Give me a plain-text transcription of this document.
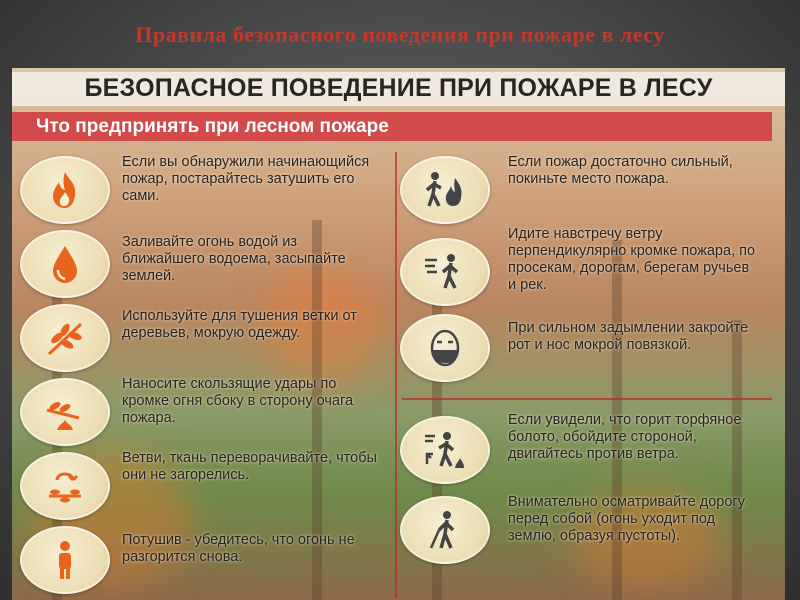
Правила безопасного поведения при пожаре в лесу
БЕЗОПАСНОЕ ПОВЕДЕНИЕ ПРИ ПОЖАРЕ В ЛЕСУ
Что предпринять при лесном пожаре
Если вы обнаружили начинающийся пожар, постарайтесь затушить его сами.
Заливайте огонь водой из ближайшего водоема, засыпайте землей.
Используйте для тушения ветки от деревьев, мокрую одежду.
Наносите скользящие удары по кромке огня сбоку в сторону очага пожара.
Ветви, ткань переворачивайте, чтобы они не загорелись.
Потушив - убедитесь, что огонь не разгорится снова.
Если пожар достаточно сильный, покиньте место пожара.
Идите навстречу ветру перпендикулярно кромке пожара, по просекам, дорогам, берегам ручьев и рек.
При сильном задымлении закройте рот и нос мокрой повязкой.
Если увидели, что горит торфяное болото, обойдите стороной, двигайтесь против ветра.
Внимательно осматривайте дорогу перед собой (огонь уходит под землю, образуя пустоты).
